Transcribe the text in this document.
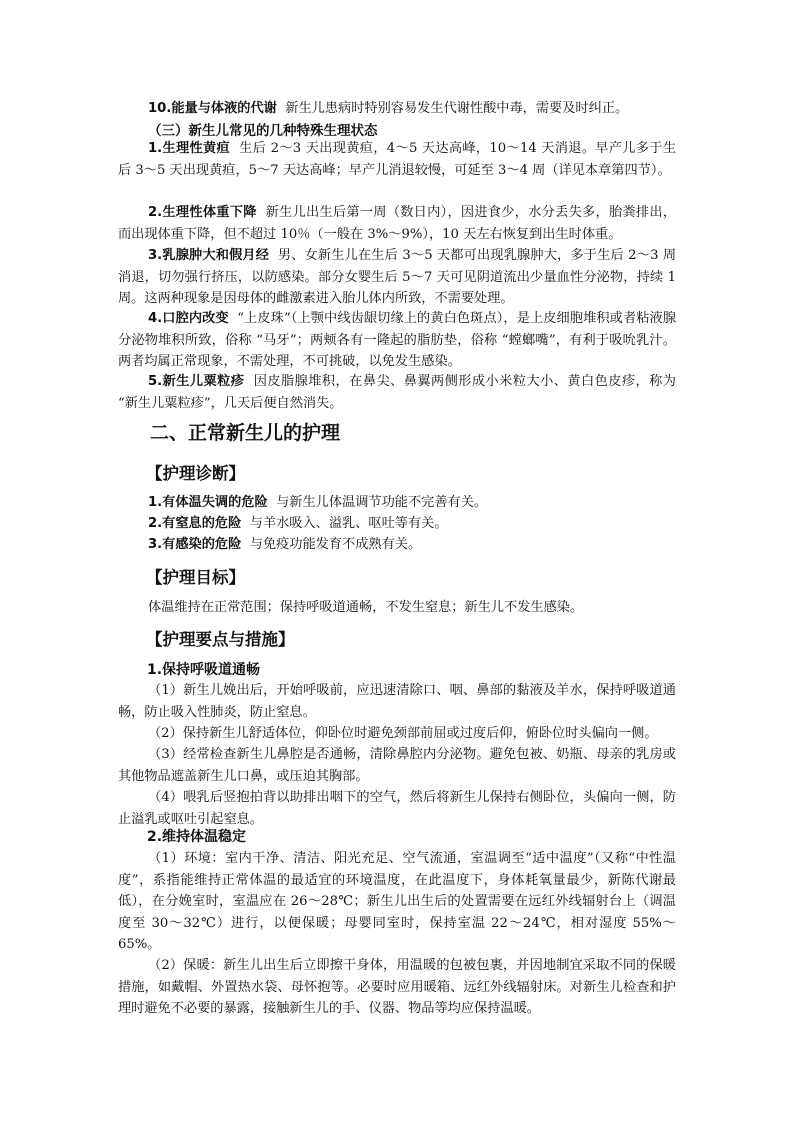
10.能量与体液的代谢 新生儿患病时特别容易发生代谢性酸中毒，需要及时纠正。

（三）新生儿常见的几种特殊生理状态

1.生理性黄疸 生后 2～3 天出现黄疸，4～5 天达高峰，10～14 天消退。早产儿多于生后 3～5 天出现黄疸，5～7 天达高峰；早产儿消退较慢，可延至 3～4 周（详见本章第四节）。

2.生理性体重下降 新生儿出生后第一周（数日内），因进食少，水分丢失多，胎粪排出，而出现体重下降，但不超过 10％（一般在 3%～9%），10 天左右恢复到出生时体重。

3.乳腺肿大和假月经 男、女新生儿在生后 3～5 天都可出现乳腺肿大，多于生后 2～3 周消退，切勿强行挤压，以防感染。部分女婴生后 5～7 天可见阴道流出少量血性分泌物，持续 1 周。这两种现象是因母体的雌激素进入胎儿体内所致，不需要处理。

4.口腔内改变 “上皮珠”（上颚中线齿龈切缘上的黄白色斑点），是上皮细胞堆积或者粘液腺分泌物堆积所致，俗称 “马牙”；两颊各有一隆起的脂肪垫，俗称 “螳螂嘴”，有利于吸吮乳汁。两者均属正常现象，不需处理，不可挑破，以免发生感染。

5.新生儿粟粒疹 因皮脂腺堆积，在鼻尖、鼻翼两侧形成小米粒大小、黄白色皮疹，称为 “新生儿粟粒疹”，几天后便自然消失。

二、正常新生儿的护理
【护理诊断】

1.有体温失调的危险 与新生儿体温调节功能不完善有关。

2.有窒息的危险 与羊水吸入、溢乳、呕吐等有关。

3.有感染的危险 与免疫功能发育不成熟有关。

【护理目标】

体温维持在正常范围；保持呼吸道通畅，不发生窒息；新生儿不发生感染。

【护理要点与措施】
1.保持呼吸道通畅

（1）新生儿娩出后，开始呼吸前，应迅速清除口、咽、鼻部的黏液及羊水，保持呼吸道通畅，防止吸入性肺炎，防止窒息。

（2）保持新生儿舒适体位，仰卧位时避免颈部前屈或过度后仰，俯卧位时头偏向一侧。

（3）经常检查新生儿鼻腔是否通畅，清除鼻腔内分泌物。避免包被、奶瓶、母亲的乳房或其他物品遮盖新生儿口鼻，或压迫其胸部。

（4）喂乳后竖抱拍背以助排出咽下的空气，然后将新生儿保持右侧卧位，头偏向一侧，防止溢乳或呕吐引起窒息。

2.维持体温稳定

（1）环境：室内干净、清洁、阳光充足、空气流通，室温调至“适中温度”（又称“中性温度”，系指能维持正常体温的最适宜的环境温度，在此温度下，身体耗氧量最少，新陈代谢最低），在分娩室时，室温应在 26～28℃；新生儿出生后的处置需要在远红外线辐射台上（调温度至 30～32℃）进行，以便保暖；母婴同室时，保持室温 22～24℃，相对湿度 55%～65%。

（2）保暖：新生儿出生后立即擦干身体，用温暖的包被包裹，并因地制宜采取不同的保暖措施，如戴帽、外置热水袋、母怀抱等。必要时应用暖箱、远红外线辐射床。对新生儿检查和护理时避免不必要的暴露，接触新生儿的手、仪器、物品等均应保持温暖。
